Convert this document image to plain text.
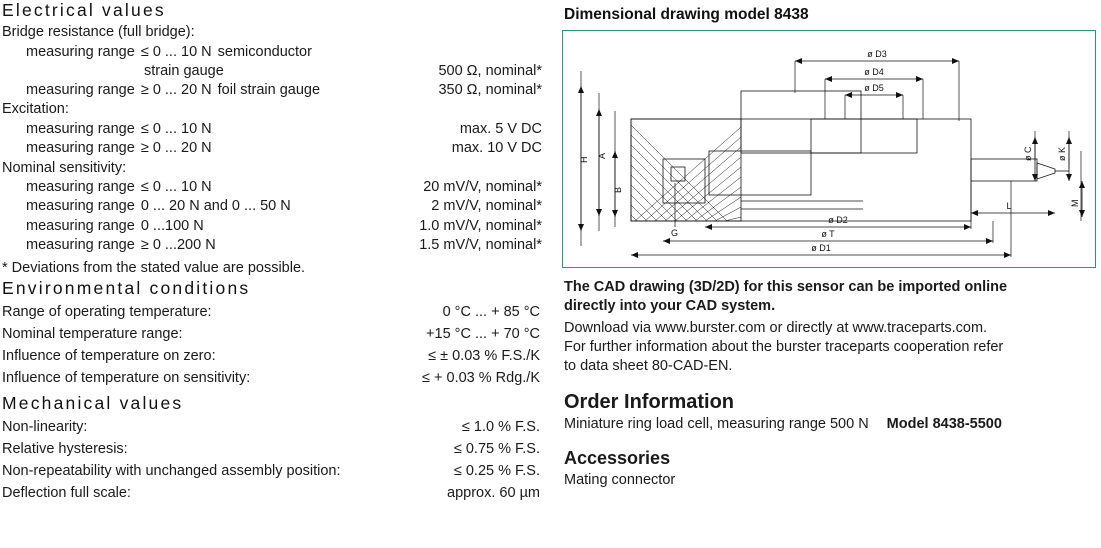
Electrical values
Bridge resistance (full bridge):
measuring range ≤ 0 ... 10 N semiconductor
strain gauge	500 Ω, nominal*
measuring range ≥ 0 ... 20 N foil strain gauge	350 Ω, nominal*
Excitation:
measuring range ≤ 0 ... 10 N	max. 5 V DC
measuring range ≥ 0 ... 20 N	max. 10 V DC
Nominal sensitivity:
measuring range ≤ 0 ... 10 N	20 mV/V, nominal*
measuring range 0 ... 20 N and 0 ... 50 N	2 mV/V, nominal*
measuring range 0 ...100 N	1.0 mV/V, nominal*
measuring range ≥ 0 ...200 N	1.5 mV/V, nominal*
* Deviations from the stated value are possible.
Environmental conditions
Range of operating temperature:	0 °C ... + 85 °C
Nominal temperature range:	+15 °C ... + 70 °C
Influence of temperature on zero:	≤ ± 0.03 % F.S./K
Influence of temperature on sensitivity:	≤ + 0.03 % Rdg./K
Mechanical values
Non-linearity:	≤ 1.0 % F.S.
Relative hysteresis:	≤ 0.75 % F.S.
Non-repeatability with unchanged assembly position:	≤ 0.25 % F.S.
Deflection full scale:	approx. 60 µm
Dimensional drawing model 8438
H
A
B
ø C	ø K
M
L
G
ø D3
ø D4
ø D5
ø D2
ø T
ø D1
The CAD drawing (3D/2D) for this sensor can be imported online
directly into your CAD system.
Download via www.burster.com or directly at www.traceparts.com.
For further information about the burster traceparts cooperation refer
to data sheet 80-CAD-EN.
Order Information
Miniature ring load cell, measuring range 500 N Model 8438-5500
Accessories
Mating connector
